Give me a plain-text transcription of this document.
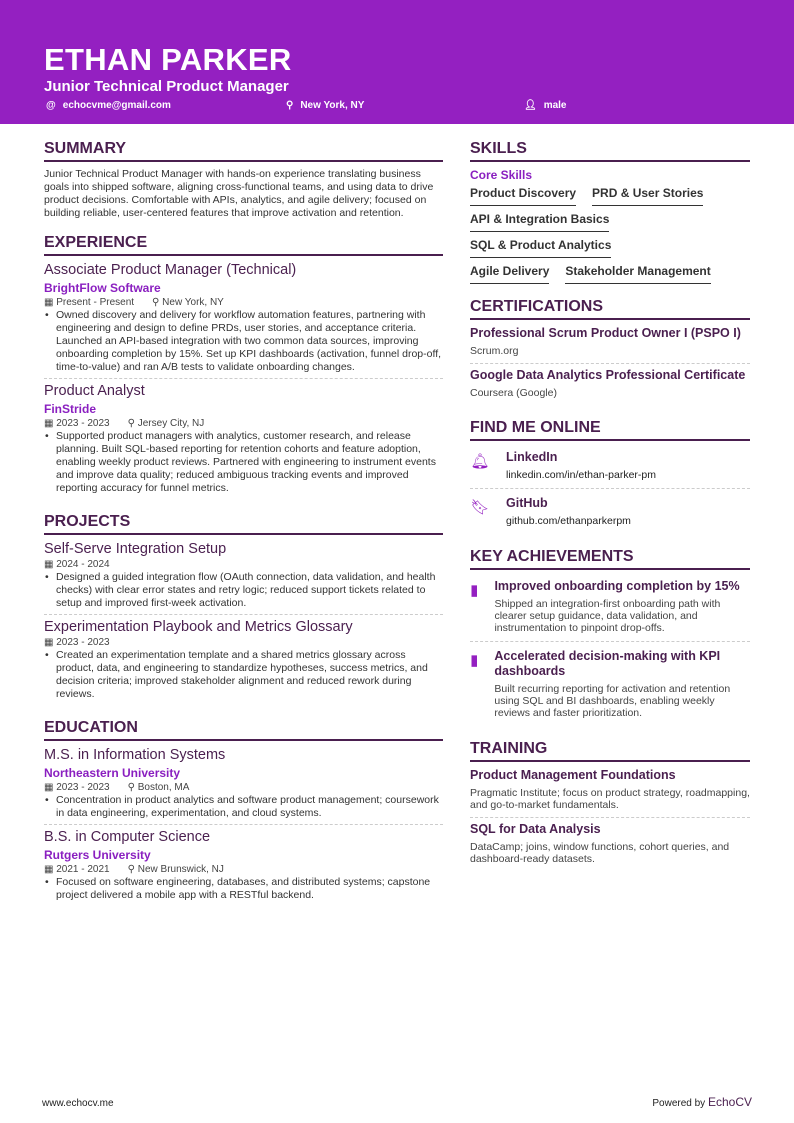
ETHAN PARKER
Junior Technical Product Manager
@ echocvme@gmail.com	⚲ New York, NY	👤︎ male
SUMMARY

Junior Technical Product Manager with hands-on experience translating business goals into shipped software, aligning cross-functional teams, and using data to drive product decisions. Comfortable with APIs, analytics, and agile delivery; focused on building reliable, user-centered features that improve activation and retention.

EXPERIENCE
Associate Product Manager (Technical)
BrightFlow Software
▦ Present - Present ⚲ New York, NY
• Owned discovery and delivery for workflow automation features, partnering with engineering and design to define PRDs, user stories, and acceptance criteria. Launched an API-based integration with two common data sources, improving onboarding completion by 15%. Set up KPI dashboards (activation, funnel drop-off, time-to-value) and ran A/B tests to validate onboarding changes.
Product Analyst
FinStride
▦ 2023 - 2023 ⚲ Jersey City, NJ
• Supported product managers with analytics, customer research, and release planning. Built SQL-based reporting for retention cohorts and feature adoption, enabling weekly product reviews. Partnered with engineering to instrument events and improve data quality; reduced ambiguous tracking events and improved reporting accuracy for funnel metrics.
PROJECTS
Self-Serve Integration Setup
▦ 2024 - 2024
• Designed a guided integration flow (OAuth connection, data validation, and health checks) with clear error states and retry logic; reduced support tickets related to setup and improved first-week activation.
Experimentation Playbook and Metrics Glossary
▦ 2023 - 2023
• Created an experimentation template and a shared metrics glossary across product, data, and engineering to standardize hypotheses, success metrics, and decision criteria; improved stakeholder alignment and reduced rework during reviews.
EDUCATION
M.S. in Information Systems
Northeastern University
▦ 2023 - 2023 ⚲ Boston, MA
• Concentration in product analytics and software product management; coursework in data engineering, experimentation, and cloud systems.
B.S. in Computer Science
Rutgers University
▦ 2021 - 2021 ⚲ New Brunswick, NJ
• Focused on software engineering, databases, and distributed systems; capstone project delivered a mobile app with a RESTful backend.
SKILLS
Core Skills
Product Discovery PRD & User Stories
API & Integration Basics
SQL & Product Analytics
Agile Delivery Stakeholder Management
CERTIFICATIONS
Professional Scrum Product Owner I (PSPO I)
Scrum.org
Google Data Analytics Professional Certificate
Coursera (Google)
FIND ME ONLINE
🔔︎ LinkedIn
linkedin.com/in/ethan-parker-pm
🔖︎ GitHub
github.com/ethanparkerpm
KEY ACHIEVEMENTS
▮ Improved onboarding completion by 15%
Shipped an integration-first onboarding path with clearer setup guidance, data validation, and instrumentation to pinpoint drop-offs.
▮ Accelerated decision-making with KPI dashboards
Built recurring reporting for activation and retention using SQL and BI dashboards, enabling weekly reviews and faster prioritization.
TRAINING
Product Management Foundations
Pragmatic Institute; focus on product strategy, roadmapping, and go-to-market fundamentals.
SQL for Data Analysis
DataCamp; joins, window functions, cohort queries, and dashboard-ready datasets.
www.echocv.me	Powered by EchoCV
